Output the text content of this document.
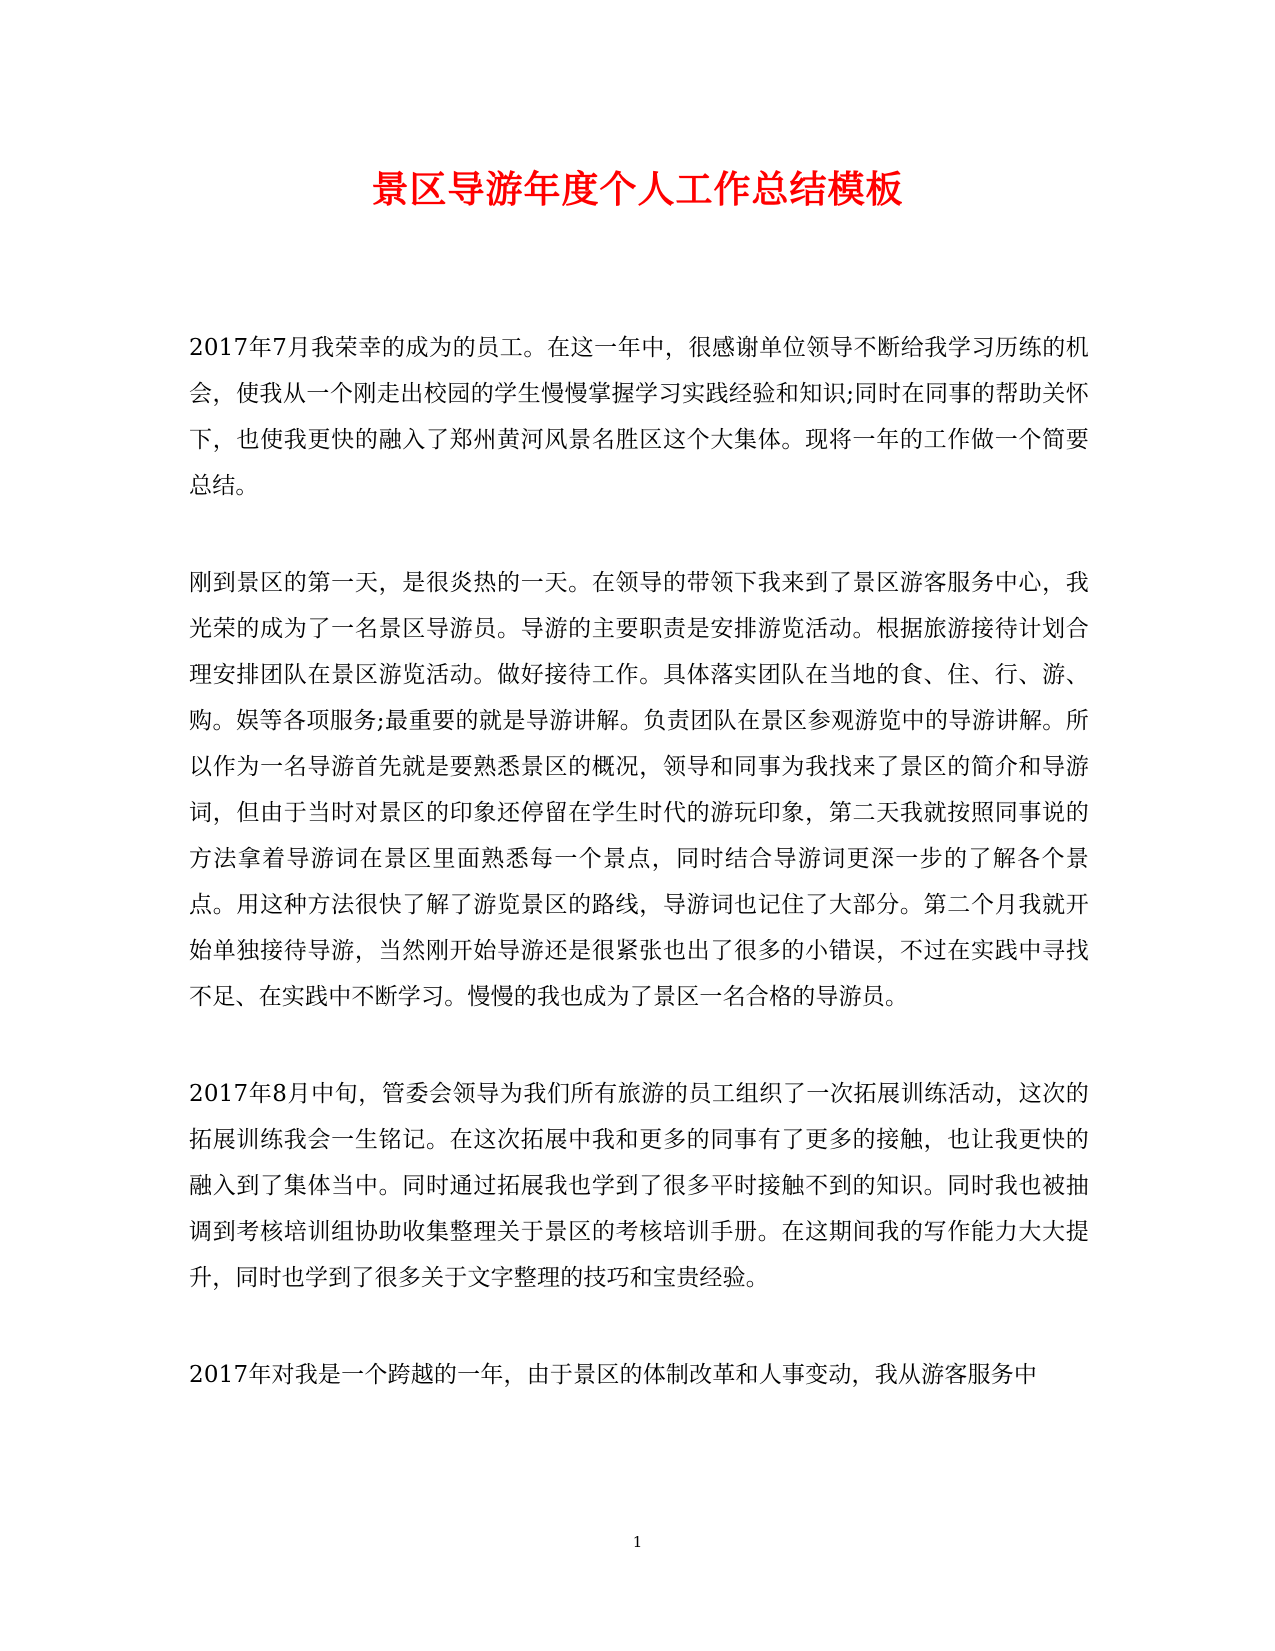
景区导游年度个人工作总结模板

2017年7月我荣幸的成为的员工。在这一年中，很感谢单位领导不断给我学习历练的机会，使我从一个刚走出校园的学生慢慢掌握学习实践经验和知识;同时在同事的帮助关怀下，也使我更快的融入了郑州黄河风景名胜区这个大集体。现将一年的工作做一个简要总结。

刚到景区的第一天，是很炎热的一天。在领导的带领下我来到了景区游客服务中心，我光荣的成为了一名景区导游员。导游的主要职责是安排游览活动。根据旅游接待计划合理安排团队在景区游览活动。做好接待工作。具体落实团队在当地的食、住、行、游、购。娱等各项服务;最重要的就是导游讲解。负责团队在景区参观游览中的导游讲解。所以作为一名导游首先就是要熟悉景区的概况，领导和同事为我找来了景区的简介和导游词，但由于当时对景区的印象还停留在学生时代的游玩印象，第二天我就按照同事说的方法拿着导游词在景区里面熟悉每一个景点，同时结合导游词更深一步的了解各个景点。用这种方法很快了解了游览景区的路线，导游词也记住了大部分。第二个月我就开始单独接待导游，当然刚开始导游还是很紧张也出了很多的小错误，不过在实践中寻找不足、在实践中不断学习。慢慢的我也成为了景区一名合格的导游员。

2017年8月中旬，管委会领导为我们所有旅游的员工组织了一次拓展训练活动，这次的拓展训练我会一生铭记。在这次拓展中我和更多的同事有了更多的接触，也让我更快的融入到了集体当中。同时通过拓展我也学到了很多平时接触不到的知识。同时我也被抽调到考核培训组协助收集整理关于景区的考核培训手册。在这期间我的写作能力大大提升，同时也学到了很多关于文字整理的技巧和宝贵经验。

2017年对我是一个跨越的一年，由于景区的体制改革和人事变动，我从游客服务中

1
